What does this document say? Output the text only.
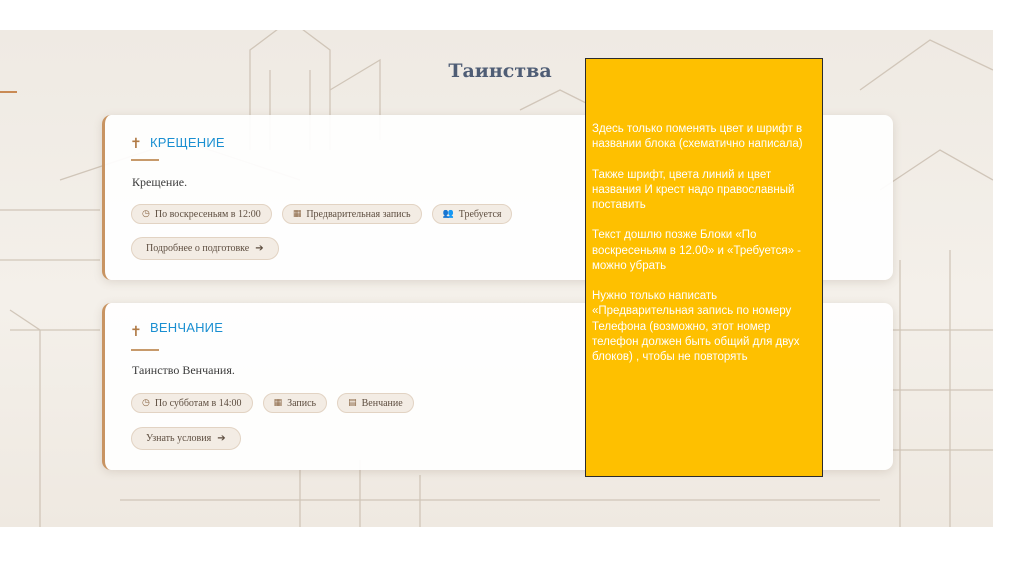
Таинства
✝ КРЕЩЕНИЕ
Крещение.
◷ По воскресеньям в 12:00	▦ Предварительная запись	👥 Требуется
Подробнее о подготовке ➔
✝ ВЕНЧАНИЕ
Таинство Венчания.
◷ По субботам в 14:00	▦ Запись	▤ Венчание
Узнать условия ➔

Здесь только поменять цвет и шрифт в названии блока (схематично написала)

Также шрифт, цвета линий и цвет названия И крест надо православный поставить

Текст дошлю позже Блоки «По воскресеньям в 12.00» и «Требуется» - можно убрать

Нужно только написать «Предварительная запись по номеру Телефона (возможно, этот номер телефон должен быть общий для двух блоков) , чтобы не повторять
